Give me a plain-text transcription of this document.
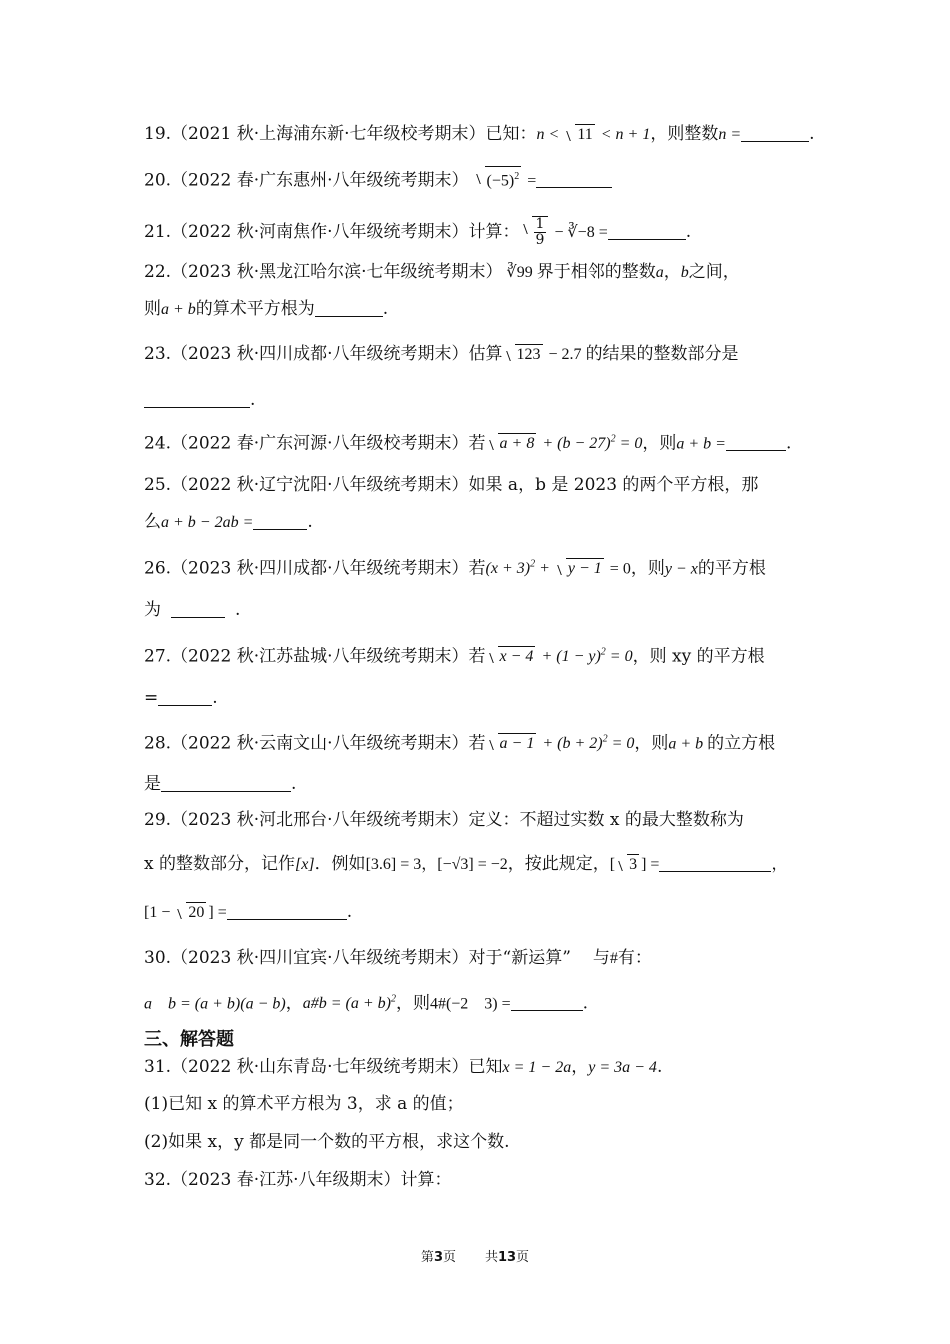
19.（2021 秋·上海浦东新·七年级校考期末）已知：n < 11 < n + 1，则整数n =	.
20.（2022 春·广东惠州·八年级统考期末） $(-5)^2$ =
21.（2022 秋·河南焦作·八年级统考期末）计算： $\frac{1}{9}$ − ∛−8 =	.
22.（2023 秋·黑龙江哈尔滨·七年级统考期末） ∛99 界于相邻的整数a，b之间，
则a + b的算术平方根为	.
23.（2023 秋·四川成都·八年级统考期末）估算 123 − 2.7 的结果的整数部分是
.
24.（2022 春·广东河源·八年级校考期末）若 $a + 8 + (b - 27)^2 = 0$，则a + b =	.
25.（2022 秋·辽宁沈阳·八年级统考期末）如果 a，b 是 2023 的两个平方根，那
么a + b − 2ab =	.
26.（2023 秋·四川成都·八年级统考期末）若$(x + 3)^2 + y - 1 = 0$，则y − x的平方根
为	.
27.（2022 秋·江苏盐城·八年级统考期末）若 $x - 4 + (1 - y)^2 = 0$，则 xy 的平方根
=	.
28.（2022 秋·云南文山·八年级统考期末）若 $a - 1 + (b + 2)^2 = 0$，则a + b 的立方根
是	.
29.（2023 秋·河北邢台·八年级统考期末）定义：不超过实数 x 的最大整数称为
x 的整数部分，记作[x]．例如[3.6] = 3，[−√3] = −2，按此规定，[ 3 ] =	，
[1 − 20 ] =	.
30.（2023 秋·四川宜宾·八年级统考期末）对于“新运算” 与#有：
a    b = (a + b)(a − b)，a#b = $(a + b)^2$，则4#(−2    3) =	.
三、解答题
31.（2022 秋·山东青岛·七年级统考期末）已知x = 1 − 2a，y = 3a − 4.
(1)已知 x 的算术平方根为 3，求 a 的值；
(2)如果 x，y 都是同一个数的平方根，求这个数.
32.（2023 春·江苏·八年级期末）计算：
第3页 共13页
